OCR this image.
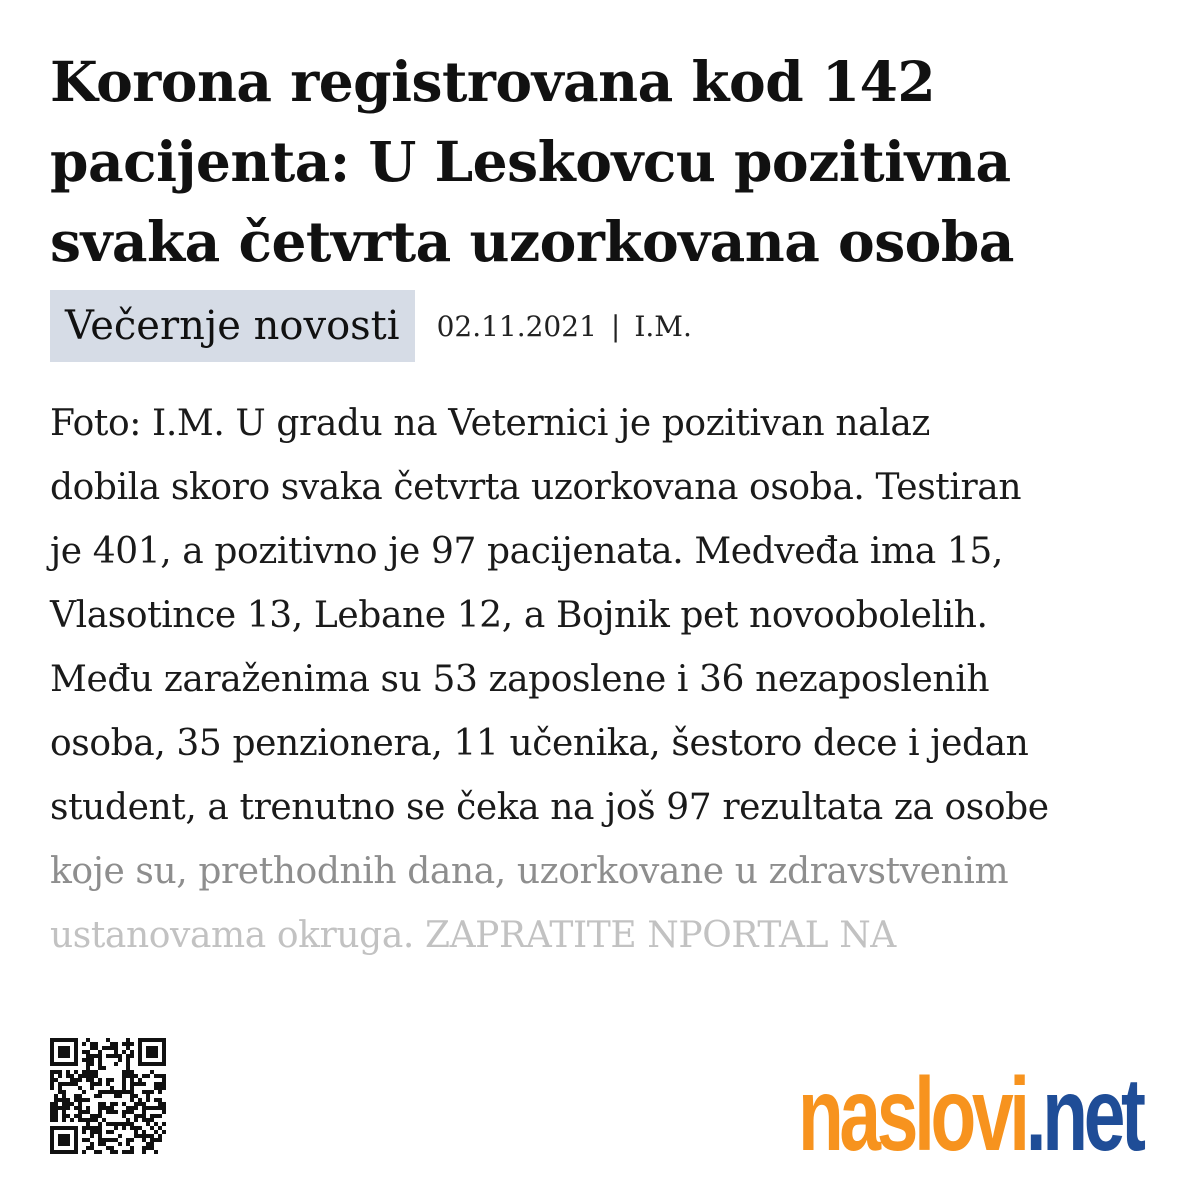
Korona registrovana kod 142 pacijenta: U Leskovcu pozitivna svaka četvrta uzorkovana osoba
Večernje novosti	02.11.2021 | I.M.
Foto: I.M. U gradu na Veternici je pozitivan nalaz
dobila skoro svaka četvrta uzorkovana osoba. Testiran
je 401, a pozitivno je 97 pacijenata. Medveđa ima 15,
Vlasotince 13, Lebane 12, a Bojnik pet novoobolelih.
Među zaraženima su 53 zaposlene i 36 nezaposlenih
osoba, 35 penzionera, 11 učenika, šestoro dece i jedan
student, a trenutno se čeka na još 97 rezultata za osobe
koje su, prethodnih dana, uzorkovane u zdravstvenim
ustanovama okruga. ZAPRATITE NPORTAL NA
naslovi.net
